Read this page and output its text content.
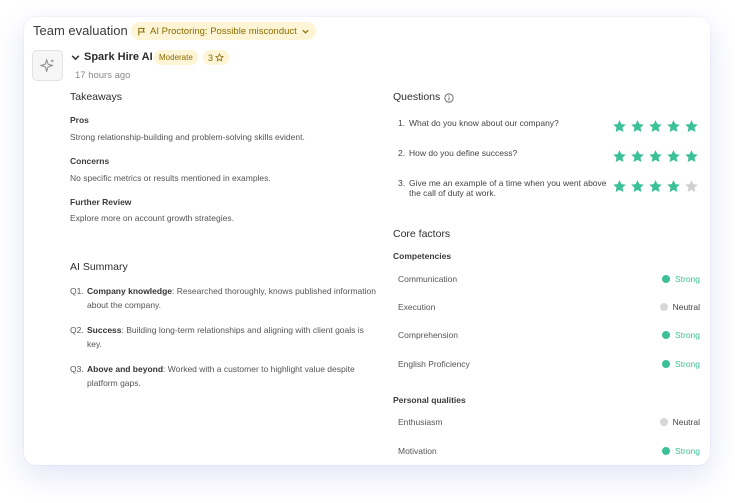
Team evaluation AI Proctoring: Possible misconduct
Spark Hire AI Moderate	3
17 hours ago
Takeaways
Pros
Strong relationship-building and problem-solving skills evident.
Concerns
No specific metrics or results mentioned in examples.
Further Review
Explore more on account growth strategies.
AI Summary
Q1. Company knowledge: Researched thoroughly, knows published information about the company.
Q2. Success: Building long-term relationships and aligning with client goals is key.
Q3. Above and beyond: Worked with a customer to highlight value despite platform gaps.
Questions
1. What do you know about our company?
2. How do you define success?
3. Give me an example of a time when you went above the call of duty at work.
Core factors
Competencies
Communication	Strong
Execution	Neutral
Comprehension	Strong
English Proficiency	Strong
Personal qualities
Enthusiasm	Neutral
Motivation	Strong
